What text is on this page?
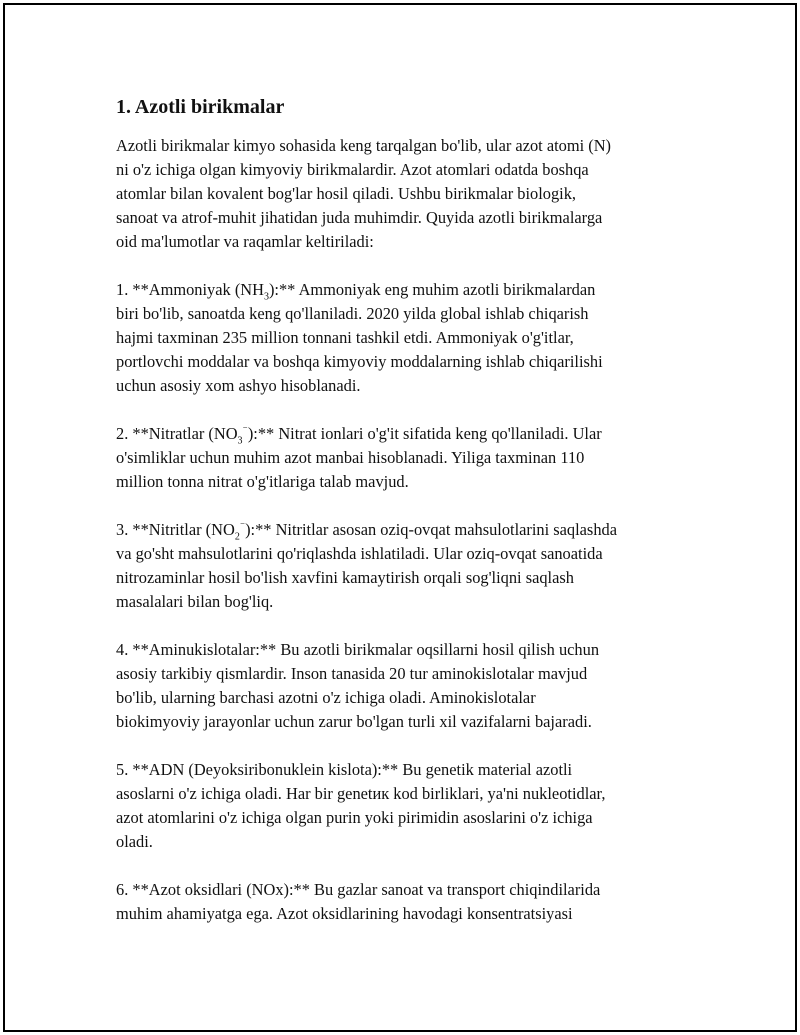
1. Azotli birikmalar

Azotli birikmalar kimyo sohasida keng tarqalgan bo'lib, ular azot atomi (N)
ni o'z ichiga olgan kimyoviy birikmalardir. Azot atomlari odatda boshqa
atomlar bilan kovalent bog'lar hosil qiladi. Ushbu birikmalar biologik,
sanoat va atrof-muhit jihatidan juda muhimdir. Quyida azotli birikmalarga
oid ma'lumotlar va raqamlar keltiriladi:

1. **Ammoniyak $(NH_3):**$ Ammoniyak eng muhim azotli birikmalardan
biri bo'lib, sanoatda keng qo'llaniladi. 2020 yilda global ishlab chiqarish
hajmi taxminan 235 million tonnani tashkil etdi. Ammoniyak o'g'itlar,
portlovchi moddalar va boshqa kimyoviy moddalarning ishlab chiqarilishi
uchun asosiy xom ashyo hisoblanadi.

2. **Nitratlar $(NO_3^{^-}):**$ Nitrat ionlari o'g'it sifatida keng qo'llaniladi. Ular
o'simliklar uchun muhim azot manbai hisoblanadi. Yiliga taxminan 110
million tonna nitrat o'g'itlariga talab mavjud.

3. **Nitritlar $(NO_2^{^-}):**$ Nitritlar asosan oziq-ovqat mahsulotlarini saqlashda
va go'sht mahsulotlarini qo'riqlashda ishlatiladi. Ular oziq-ovqat sanoatida
nitrozaminlar hosil bo'lish xavfini kamaytirish orqali sog'liqni saqlash
masalalari bilan bog'liq.

4. **Aminukislotalar:** Bu azotli birikmalar oqsillarni hosil qilish uchun
asosiy tarkibiy qismlardir. Inson tanasida 20 tur aminokislotalar mavjud
bo'lib, ularning barchasi azotni o'z ichiga oladi. Aminokislotalar
biokimyoviy jarayonlar uchun zarur bo'lgan turli xil vazifalarni bajaradi.

5. **ADN (Deyoksiribonuklein kislota):** Bu genetik material azotli
asoslarni o'z ichiga oladi. Har bir genetик kod birliklari, ya'ni nukleotidlar,
azot atomlarini o'z ichiga olgan purin yoki pirimidin asoslarini o'z ichiga
oladi.

6. **Azot oksidlari (NOx):** Bu gazlar sanoat va transport chiqindilarida
muhim ahamiyatga ega. Azot oksidlarining havodagi konsentratsiyasi
